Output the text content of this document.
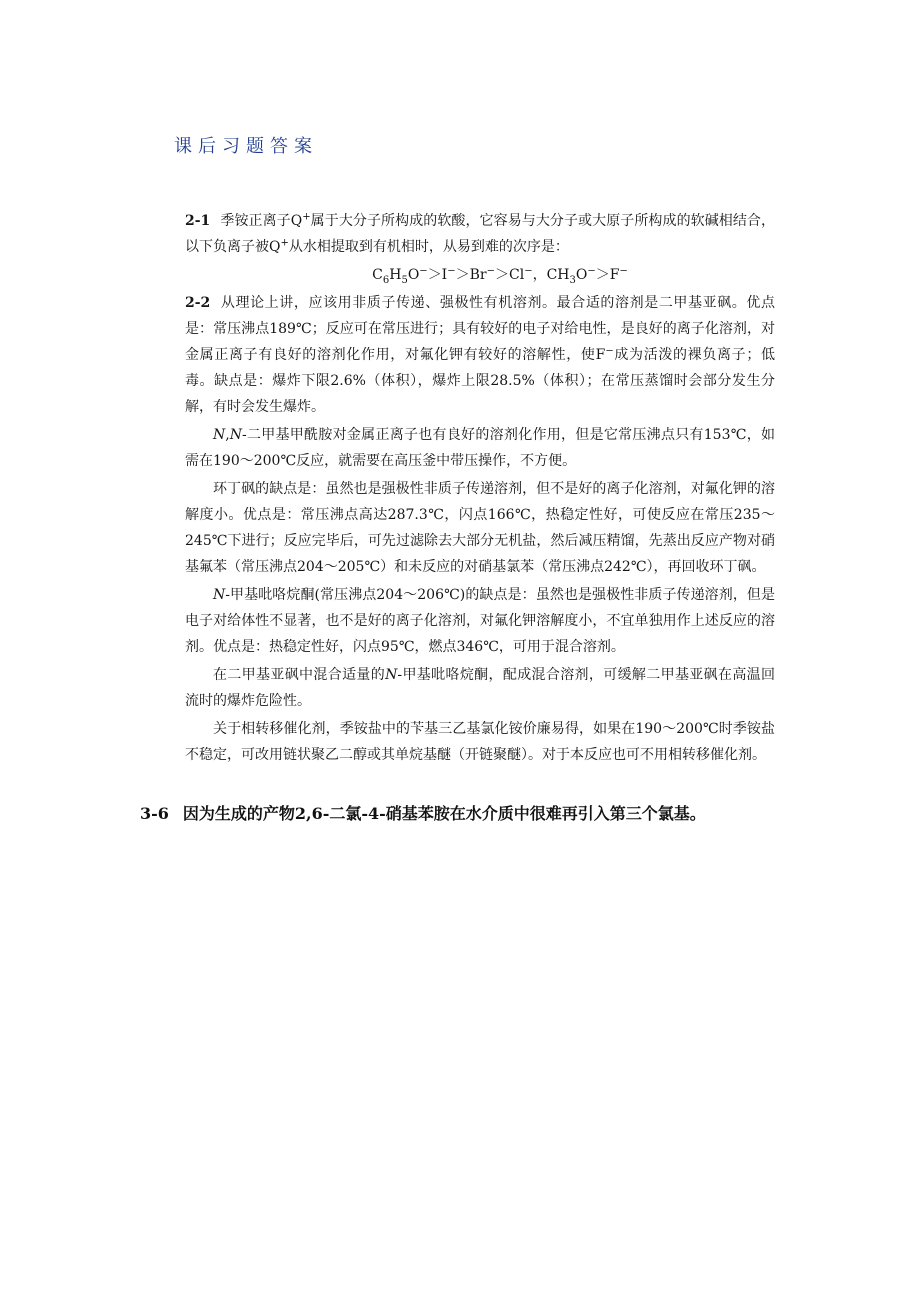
课后习题答案

2-1 季铵正离子Q+属于大分子所构成的软酸，它容易与大分子或大原子所构成的软碱相结合，以下负离子被Q+从水相提取到有机相时，从易到难的次序是：

$C_6H_5O^->I^->Br^->Cl^-$，$CH_3O^->F^-$

2-2 从理论上讲，应该用非质子传递、强极性有机溶剂。最合适的溶剂是二甲基亚砜。优点是：常压沸点189℃；反应可在常压进行；具有较好的电子对给电性，是良好的离子化溶剂，对金属正离子有良好的溶剂化作用，对氟化钾有较好的溶解性，使F−成为活泼的裸负离子；低毒。缺点是：爆炸下限2.6%（体积），爆炸上限28.5%（体积）；在常压蒸馏时会部分发生分解，有时会发生爆炸。

N,N-二甲基甲酰胺对金属正离子也有良好的溶剂化作用，但是它常压沸点只有153℃，如需在190～200℃反应，就需要在高压釜中带压操作，不方便。

环丁砜的缺点是：虽然也是强极性非质子传递溶剂，但不是好的离子化溶剂，对氟化钾的溶解度小。优点是：常压沸点高达287.3℃，闪点166℃，热稳定性好，可使反应在常压235～245℃下进行；反应完毕后，可先过滤除去大部分无机盐，然后减压精馏，先蒸出反应产物对硝基氟苯（常压沸点204～205℃）和未反应的对硝基氯苯（常压沸点242℃），再回收环丁砜。

N-甲基吡咯烷酮(常压沸点204～206℃)的缺点是：虽然也是强极性非质子传递溶剂，但是电子对给体性不显著，也不是好的离子化溶剂，对氟化钾溶解度小，不宜单独用作上述反应的溶剂。优点是：热稳定性好，闪点95℃，燃点346℃，可用于混合溶剂。

在二甲基亚砜中混合适量的N-甲基吡咯烷酮，配成混合溶剂，可缓解二甲基亚砜在高温回流时的爆炸危险性。

关于相转移催化剂，季铵盐中的苄基三乙基氯化铵价廉易得，如果在190～200℃时季铵盐不稳定，可改用链状聚乙二醇或其单烷基醚（开链聚醚）。对于本反应也可不用相转移催化剂。

3-6 因为生成的产物2,6-二氯-4-硝基苯胺在水介质中很难再引入第三个氯基。
